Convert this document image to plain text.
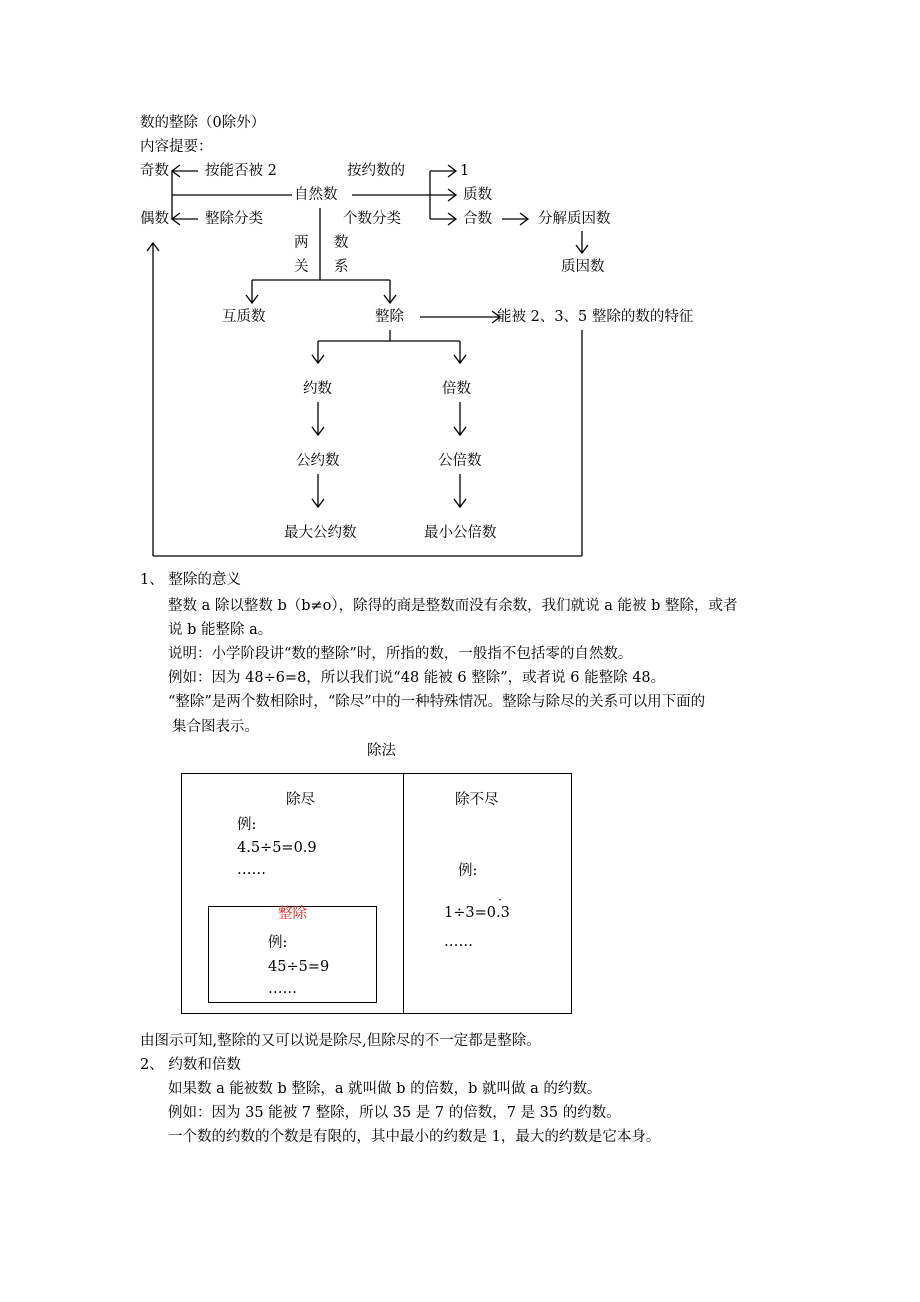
数的整除（0除外）
内容提要：
奇数
偶数
按能否被 2
整除分类
自然数
按约数的
个数分类
1
质数
合数	分解质因数
质因数
两
关
数
系
互质数	整除	能被 2、3、5 整除的数的特征
约数	倍数
公约数	公倍数
最大公约数	最小公倍数
1、 整除的意义
整数 a 除以整数 b（b≠o），除得的商是整数而没有余数，我们就说 a 能被 b 整除，或者
说 b 能整除 a。
说明：小学阶段讲“数的整除”时，所指的数，一般指不包括零的自然数。
例如：因为 48÷6=8，所以我们说“48 能被 6 整除”，或者说 6 能整除 48。
“整除”是两个数相除时，“除尽”中的一种特殊情况。整除与除尽的关系可以用下面的
集合图表示。
除法
除尽
例:
4.5÷5=0.9
……
除不尽
例:
1÷3=0.3
·
……
整除
例:
45÷5=9
……
由图示可知,整除的又可以说是除尽,但除尽的不一定都是整除。
2、 约数和倍数
如果数 a 能被数 b 整除，a 就叫做 b 的倍数，b 就叫做 a 的约数。
例如：因为 35 能被 7 整除，所以 35 是 7 的倍数，7 是 35 的约数。
一个数的约数的个数是有限的，其中最小的约数是 1，最大的约数是它本身。
